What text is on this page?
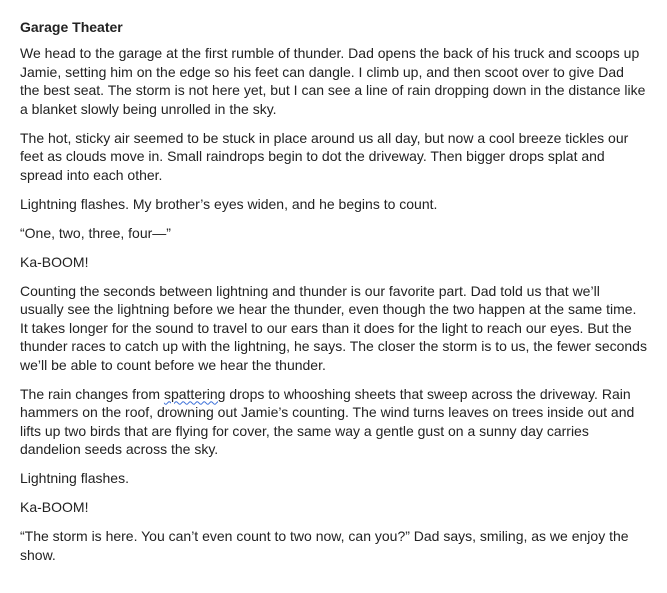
Garage Theater

We head to the garage at the first rumble of thunder. Dad opens the back of his truck and scoops up Jamie, setting him on the edge so his feet can dangle. I climb up, and then scoot over to give Dad the best seat. The storm is not here yet, but I can see a line of rain dropping down in the distance like a blanket slowly being unrolled in the sky.

The hot, sticky air seemed to be stuck in place around us all day, but now a cool breeze tickles our feet as clouds move in. Small raindrops begin to dot the driveway. Then bigger drops splat and spread into each other.

Lightning flashes. My brother’s eyes widen, and he begins to count.

“One, two, three, four—”

Ka-BOOM!

Counting the seconds between lightning and thunder is our favorite part. Dad told us that we’ll usually see the lightning before we hear the thunder, even though the two happen at the same time. It takes longer for the sound to travel to our ears than it does for the light to reach our eyes. But the thunder races to catch up with the lightning, he says. The closer the storm is to us, the fewer seconds we’ll be able to count before we hear the thunder.

The rain changes from spattering drops to whooshing sheets that sweep across the driveway. Rain hammers on the roof, drowning out Jamie’s counting. The wind turns leaves on trees inside out and lifts up two birds that are flying for cover, the same way a gentle gust on a sunny day carries dandelion seeds across the sky.

Lightning flashes.

Ka-BOOM!

“The storm is here. You can’t even count to two now, can you?” Dad says, smiling, as we enjoy the show.
